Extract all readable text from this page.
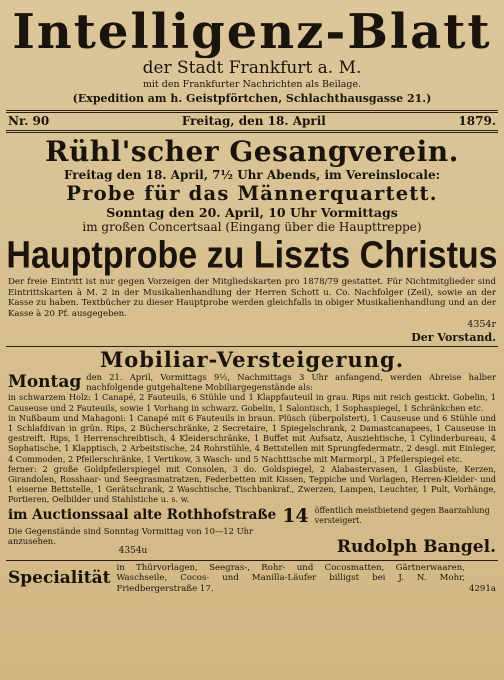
Intelligenz-Blatt
der Stadt Frankfurt a. M.
mit den Frankfurter Nachrichten als Beilage.
(Expedition am h. Geistpförtchen, Schlachthausgasse 21.)
Nr. 90	Freitag, den 18. April	1879.
Rühl'scher Gesangverein.
Freitag den 18. April, 7½ Uhr Abends, im Vereinslocale:
Probe für das Männerquartett.
Sonntag den 20. April, 10 Uhr Vormittags
im großen Concertsaal (Eingang über die Haupttreppe)
Hauptprobe zu Liszts Christus
Der freie Eintritt ist nur gegen Vorzeigen der Mitgliedskarten pro 1878/79 gestattet. Für Nichtmitglieder sind Eintrittskarten à M. 2 in der Musikalienhandlung der Herren Schott u. Co. Nachfolger (Zeil), sowie an der Kasse zu haben. Textbücher zu dieser Hauptprobe werden gleichfalls in obiger Musikalienhandlung und an der Kasse à 20 Pf. ausgegeben.
4354r
Der Vorstand.
Mobiliar-Versteigerung.
Montag den 21. April, Vormittags 9½, Nachmittags 3 Uhr anfangend, werden Abreise halber nachfolgende gutgehaltene Mobiliargegenstände als:
in schwarzem Holz: 1 Canapé, 2 Fauteuils, 6 Stühle und 1 Klappfauteuil in grau. Rips mit reich gestickt. Gobelin, 1 Causeuse und 2 Fauteuils, sowie 1 Vorhang in schwarz. Gobelin, 1 Salontisch, 1 Sophaspiegel, 1 Schränkchen etc.
in Nußbaum und Mahagoni: 1 Canapé mit 6 Fauteuils in braun. Plüsch (überpolstert), 1 Causeuse und 6 Stühle und 1 Schlafdivan in grün. Rips, 2 Bücherschränke, 2 Secretaire, 1 Spiegelschrank, 2 Damastcanapees, 1 Causeuse in gestreift. Rips, 1 Herrenschreibtisch, 4 Kleiderschränke, 1 Buffet mit Aufsatz, Ausziehtische, 1 Cylinderbureau, 4 Sophatische, 1 Klapptisch, 2 Arbeitstische, 24 Rohrstühle, 4 Bettstellen mit Sprungfedermatr., 2 desgl. mit Einleger, 4 Commoden, 2 Pfeilerschränke, 1 Vertikow, 3 Wasch- und 5 Nachttische mit Marmorpl., 3 Pfeilerspiegel etc.
ferner: 2 große Goldpfeilerspiegel mit Consolen, 3 do. Goldspiegel, 2 Alabastervasen, 1 Glasbüste, Kerzen, Girandolen, Rosshaar- und Seegrasmatratzen, Federbetten mit Kissen, Teppiche und Vorlagen, Herren-Kleider- und 1 eiserne Bettstelle, 1 Gerätschrank, 2 Waschtische, Tischbankraf., Zwerzen, Lampen, Leuchter, 1 Pult, Vorhänge, Portieren, Oelbilder und Stahlstiche u. s. w.
im Auctionssaal alte Rothhofstraße 14 öffentlich meistbietend gegen Baarzahlung versteigert.
Die Gegenstände sind Sonntag Vormittag von 10—12 Uhr anzusehen.
4354u	Rudolph Bangel.
Specialität
in Thürvorlagen, Seegras-, Rohr- und Cocosmatten, Gärtnerwaaren, Waschseile, Cocos- und Manilla-Läufer billigst bei J. N. Mohr, Friedbergerstraße 17.	4291a
